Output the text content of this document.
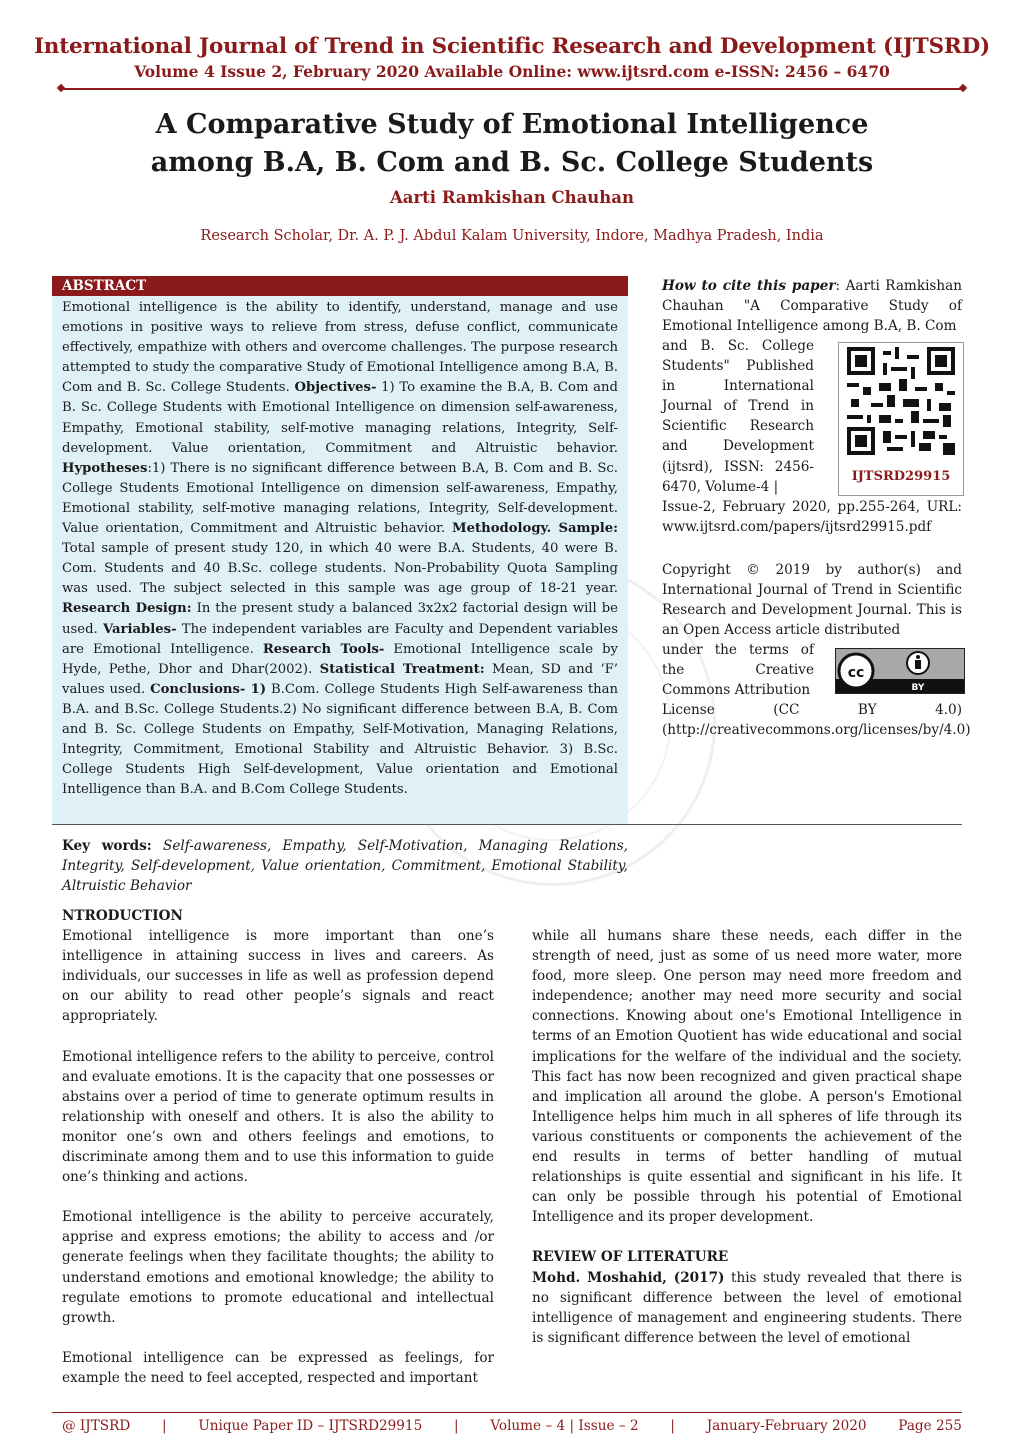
International Journal of Trend in Scientific Research and Development (IJTSRD)
Volume 4 Issue 2, February 2020 Available Online: www.ijtsrd.com e-ISSN: 2456 – 6470
A Comparative Study of Emotional Intelligence
among B.A, B. Com and B. Sc. College Students
Aarti Ramkishan Chauhan
Research Scholar, Dr. A. P. J. Abdul Kalam University, Indore, Madhya Pradesh, India
ABSTRACT

Emotional intelligence is the ability to identify, understand, manage and use emotions in positive ways to relieve from stress, defuse conflict, communicate effectively, empathize with others and overcome challenges. The purpose research attempted to study the comparative Study of Emotional Intelligence among B.A, B. Com and B. Sc. College Students. Objectives- 1) To examine the B.A, B. Com and B. Sc. College Students with Emotional Intelligence on dimension self-awareness, Empathy, Emotional stability, self-motive managing relations, Integrity, Self-development. Value orientation, Commitment and Altruistic behavior. Hypotheses:1) There is no significant difference between B.A, B. Com and B. Sc. College Students Emotional Intelligence on dimension self-awareness, Empathy, Emotional stability, self-motive managing relations, Integrity, Self-development. Value orientation, Commitment and Altruistic behavior. Methodology. Sample: Total sample of present study 120, in which 40 were B.A. Students, 40 were B. Com. Students and 40 B.Sc. college students. Non-Probability Quota Sampling was used. The subject selected in this sample was age group of 18-21 year. Research Design: In the present study a balanced 3x2x2 factorial design will be used. Variables- The independent variables are Faculty and Dependent variables are Emotional Intelligence. Research Tools- Emotional Intelligence scale by Hyde, Pethe, Dhor and Dhar(2002). Statistical Treatment: Mean, SD and ‘F’ values used. Conclusions- 1) B.Com. College Students High Self-awareness than B.A. and B.Sc. College Students.2) No significant difference between B.A, B. Com and B. Sc. College Students on Empathy, Self-Motivation, Managing Relations, Integrity, Commitment, Emotional Stability and Altruistic Behavior. 3) B.Sc. College Students High Self-development, Value orientation and Emotional Intelligence than B.A. and B.Com College Students.

Key words: Self-awareness, Empathy, Self-Motivation, Managing Relations, Integrity, Self-development, Value orientation, Commitment, Emotional Stability, Altruistic Behavior

How to cite this paper: Aarti Ramkishan Chauhan "A Comparative Study of Emotional Intelligence among B.A, B. Com

and B. Sc. College Students" Published in International Journal of Trend in Scientific Research and Development (ijtsrd), ISSN: 2456-6470, Volume-4 |

IJTSRD29915

Issue-2, February 2020, pp.255-264, URL: www.ijtsrd.com/papers/ijtsrd29915.pdf

Copyright © 2019 by author(s) and International Journal of Trend in Scientific Research and Development Journal. This is an Open Access article distributed

under the terms of the Creative Commons Attribution

cc
BY

License (CC BY 4.0) (http://creativecommons.org/licenses/by/4.0)

NTRODUCTION

Emotional intelligence is more important than one’s intelligence in attaining success in lives and careers. As individuals, our successes in life as well as profession depend on our ability to read other people’s signals and react appropriately.

Emotional intelligence refers to the ability to perceive, control and evaluate emotions. It is the capacity that one possesses or abstains over a period of time to generate optimum results in relationship with oneself and others. It is also the ability to monitor one’s own and others feelings and emotions, to discriminate among them and to use this information to guide one’s thinking and actions.

Emotional intelligence is the ability to perceive accurately, apprise and express emotions; the ability to access and /or generate feelings when they facilitate thoughts; the ability to understand emotions and emotional knowledge; the ability to regulate emotions to promote educational and intellectual growth.

Emotional intelligence can be expressed as feelings, for example the need to feel accepted, respected and important

while all humans share these needs, each differ in the strength of need, just as some of us need more water, more food, more sleep. One person may need more freedom and independence; another may need more security and social connections. Knowing about one's Emotional Intelligence in terms of an Emotion Quotient has wide educational and social implications for the welfare of the individual and the society. This fact has now been recognized and given practical shape and implication all around the globe. A person's Emotional Intelligence helps him much in all spheres of life through its various constituents or components the achievement of the end results in terms of better handling of mutual relationships is quite essential and significant in his life. It can only be possible through his potential of Emotional Intelligence and its proper development.

REVIEW OF LITERATURE

Mohd. Moshahid, (2017) this study revealed that there is no significant difference between the level of emotional intelligence of management and engineering students. There is significant difference between the level of emotional

@ IJTSRD | Unique Paper ID – IJTSRD29915 | Volume – 4 | Issue – 2 | January-February 2020 Page 255
